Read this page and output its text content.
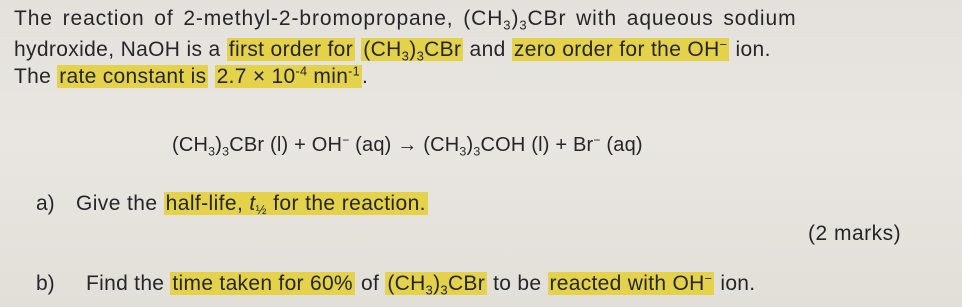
The reaction of 2-methyl-2-bromopropane, $(CH_3)_3CBr$ with aqueous sodium
hydroxide, NaOH is a first order for $(CH_3)_3CBr$ and zero order for the OH− ion.
The rate constant is $2.7 \times 10^{-4}$ $\min^{-1}$.
$(CH_3)_3CBr$ (l) + OH− $(aq) \to (CH_3)_3COH$ (l) + Br− (aq)
a) Give the half-life, t½ for the reaction.
(2 marks)
b) Find the time taken for 60% of $(CH_3)_3CBr$ to be reacted with OH− ion.
